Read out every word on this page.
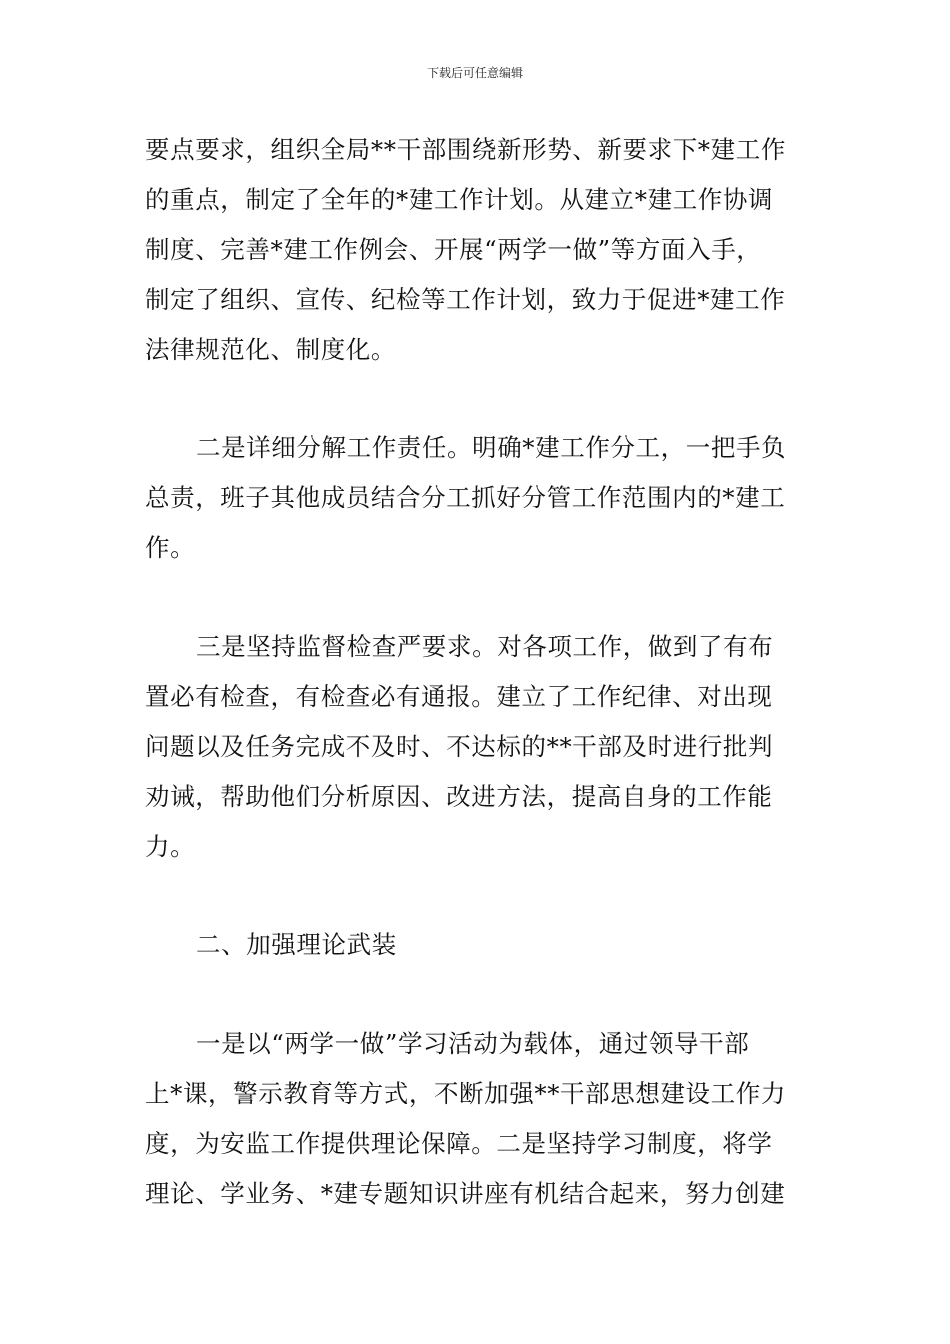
下载后可任意编辑
要点要求，组织全局**干部围绕新形势、新要求下*建工作
的重点，制定了全年的*建工作计划。从建立*建工作协调
制度、完善*建工作例会、开展“两学一做”等方面入手，
制定了组织、宣传、纪检等工作计划，致力于促进*建工作
法律规范化、制度化。
二是详细分解工作责任。明确*建工作分工，一把手负
总责，班子其他成员结合分工抓好分管工作范围内的*建工
作。
三是坚持监督检查严要求。对各项工作，做到了有布
置必有检查，有检查必有通报。建立了工作纪律、对出现
问题以及任务完成不及时、不达标的**干部及时进行批判
劝诫，帮助他们分析原因、改进方法，提高自身的工作能
力。
二、加强理论武装
一是以“两学一做”学习活动为载体，通过领导干部
上*课，警示教育等方式，不断加强**干部思想建设工作力
度，为安监工作提供理论保障。二是坚持学习制度，将学
理论、学业务、*建专题知识讲座有机结合起来，努力创建
